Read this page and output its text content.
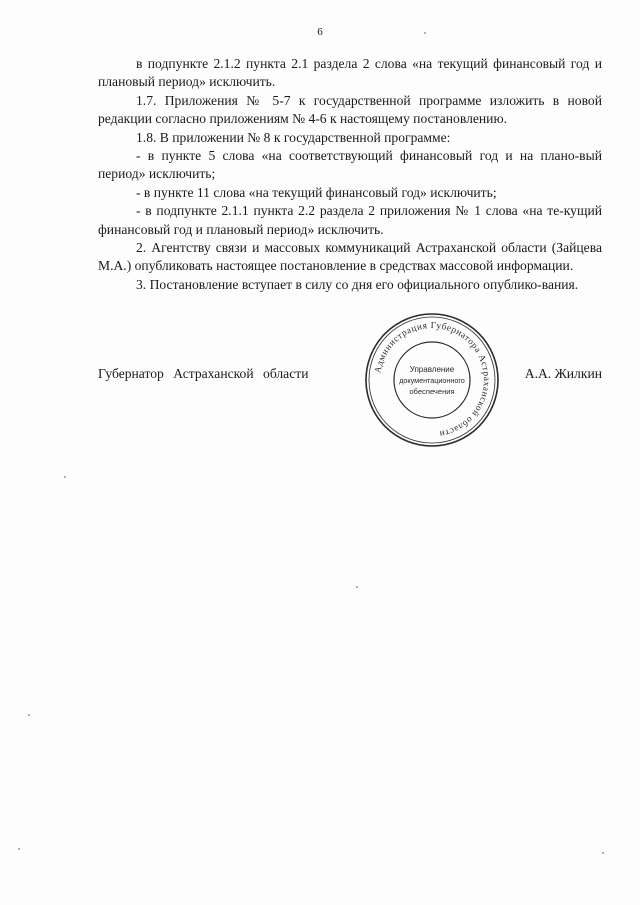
6

в подпункте 2.1.2 пункта 2.1 раздела 2 слова «на текущий финансовый год и плановый период» исключить.

1.7. Приложения № 5-7 к государственной программе изложить в новой редакции согласно приложениям № 4-6 к настоящему постановлению.

1.8. В приложении № 8 к государственной программе:

- в пункте 5 слова «на соответствующий финансовый год и на плано-вый период» исключить;

- в пункте 11 слова «на текущий финансовый год» исключить;

- в подпункте 2.1.1 пункта 2.2 раздела 2 приложения № 1 слова «на те-кущий финансовый год и плановый период» исключить.

2. Агентству связи и массовых коммуникаций Астраханской области (Зайцева М.А.) опубликовать настоящее постановление в средствах массовой информации.

3. Постановление вступает в силу со дня его официального опублико-вания.

Губернатор Астраханской области	А.А. Жилкин
Администрация Губернатора Астраханской области
Управление
документационного
обеспечения
